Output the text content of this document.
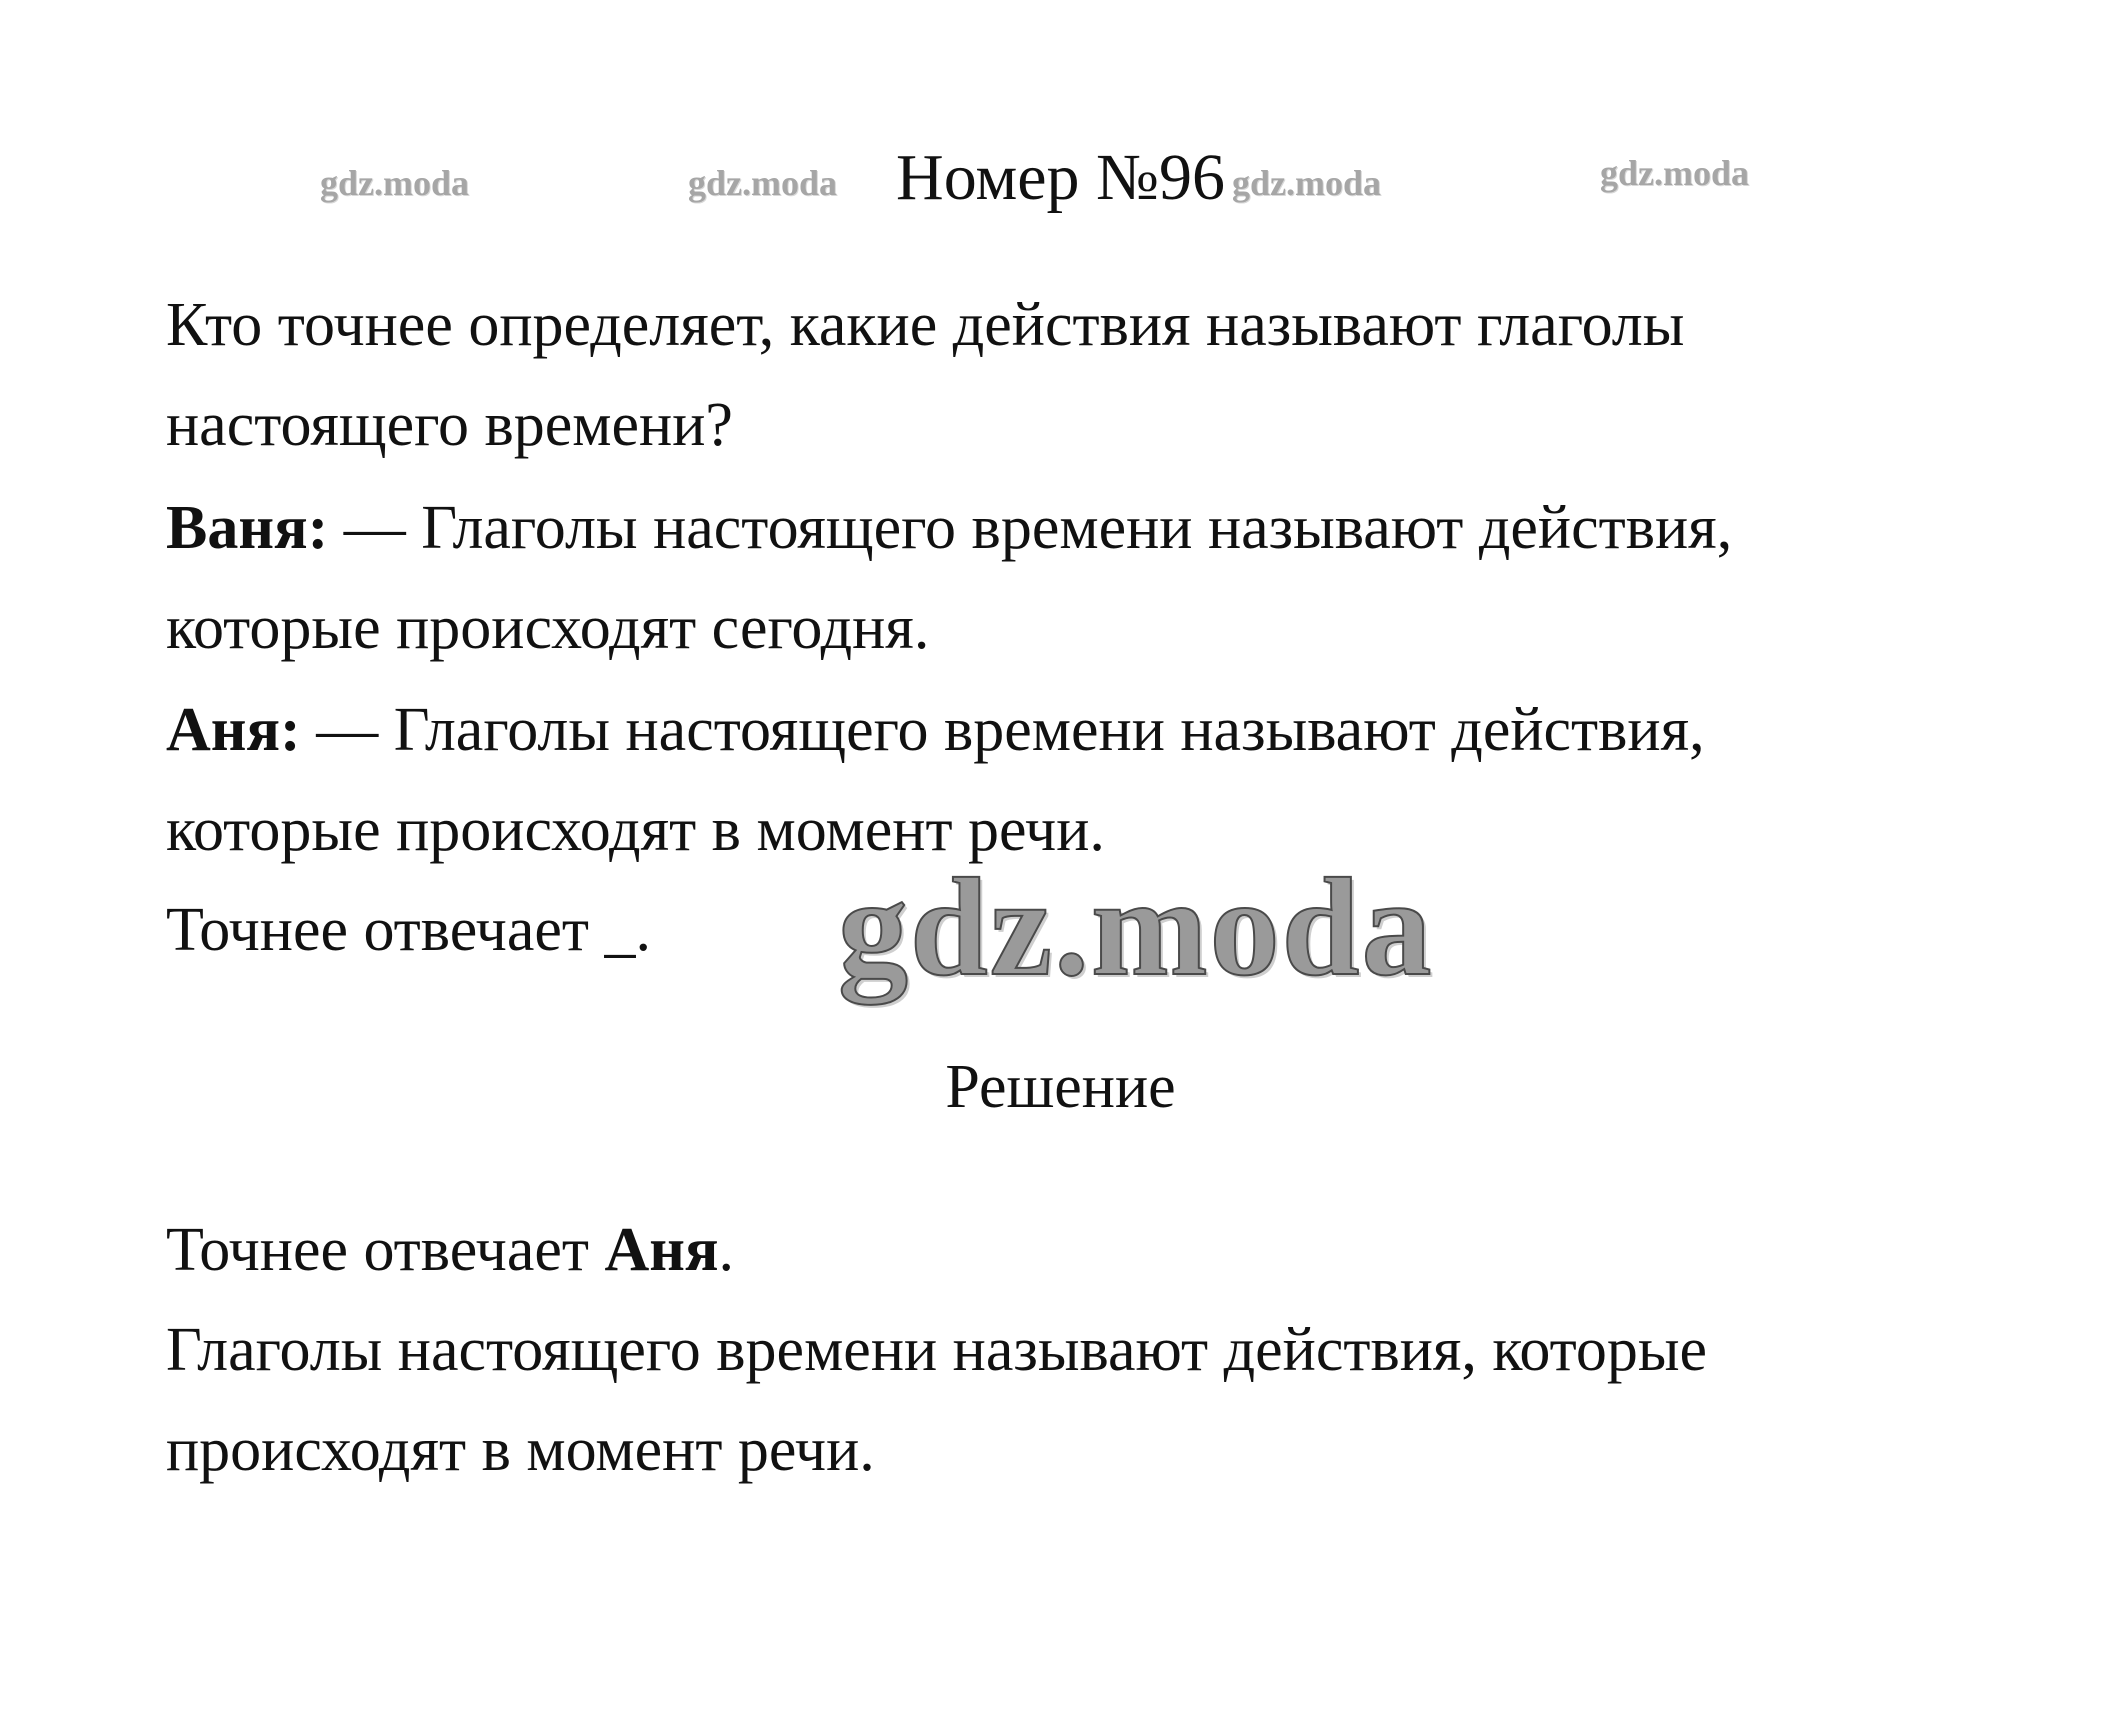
gdz.moda	gdz.moda	gdz.moda	gdz.moda
Номер №96
Кто точнее определяет, какие действия называют глаголы
настоящего времени?
Ваня: — Глаголы настоящего времени называют действия,
которые происходят сегодня.
Аня: — Глаголы настоящего времени называют действия,
которые происходят в момент речи.
Точнее отвечает _.	gdz.moda
Решение
Точнее отвечает Аня.
Глаголы настоящего времени называют действия, которые
происходят в момент речи.
